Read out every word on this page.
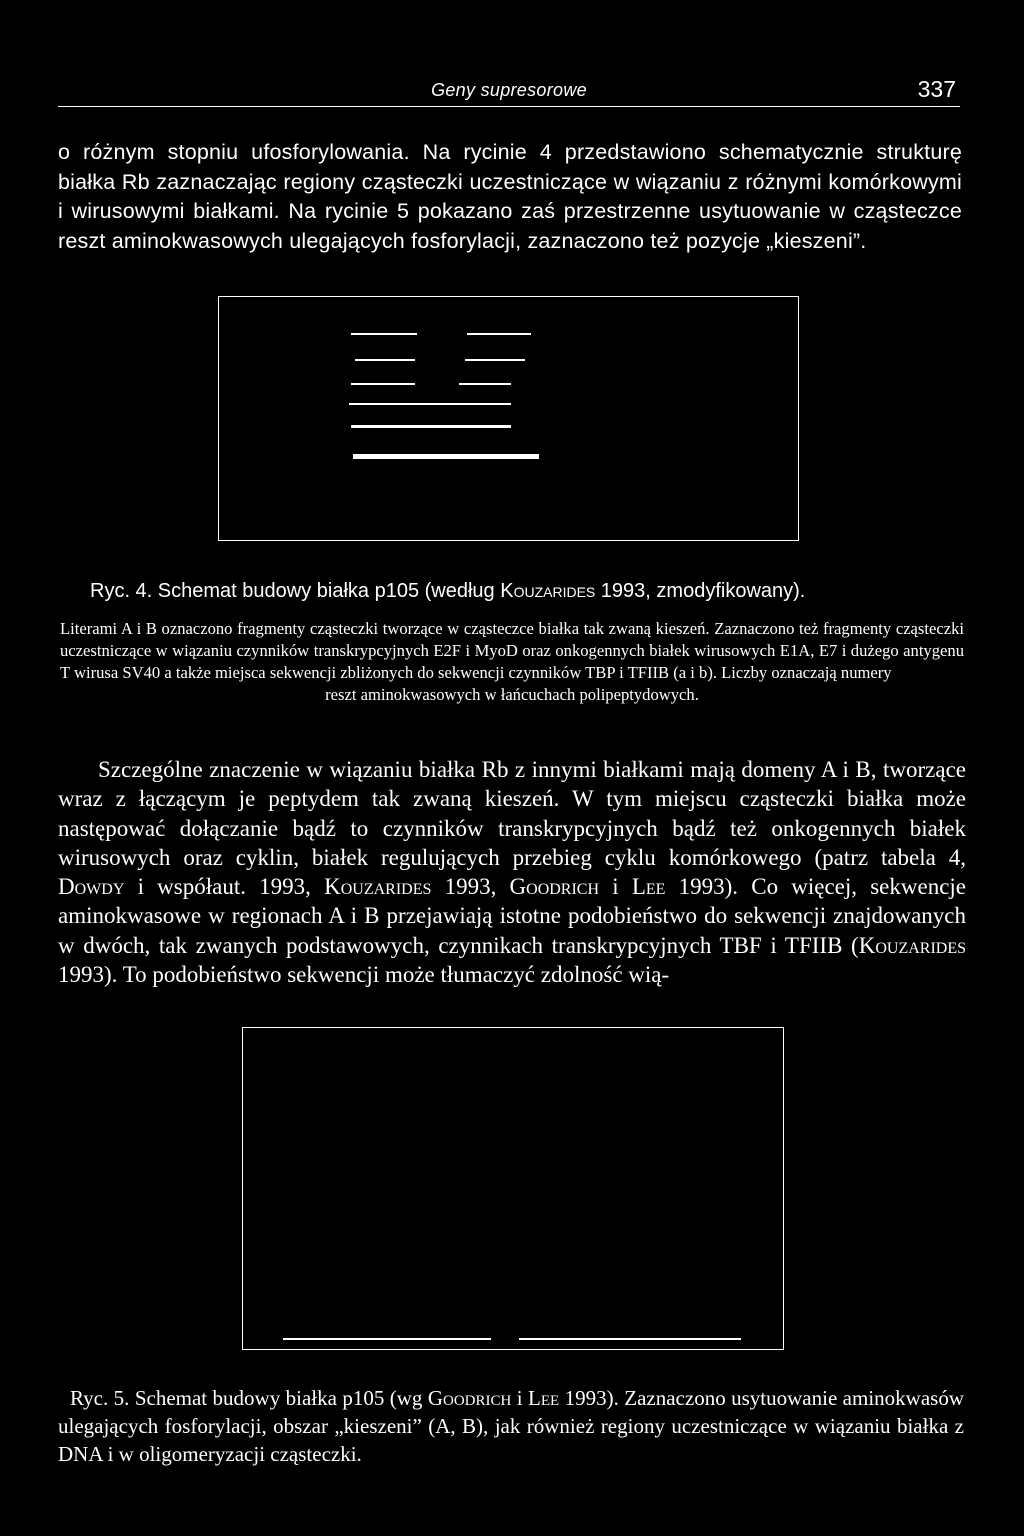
Geny supresorowe	337

o różnym stopniu ufosforylowania. Na rycinie 4 przedstawiono schematycznie strukturę białka Rb zaznaczając regiony cząsteczki uczestniczące w wiązaniu z różnymi komórkowymi i wirusowymi białkami. Na rycinie 5 pokazano zaś przestrzenne usytuowanie w cząsteczce reszt aminokwasowych ulegających fosforylacji, zaznaczono też pozycje „kieszeni”.

Ryc. 4. Schemat budowy białka p105 (według Kouzarides 1993, zmodyfikowany).

Literami A i B oznaczono fragmenty cząsteczki tworzące w cząsteczce białka tak zwaną kieszeń. Zaznaczono też fragmenty cząsteczki uczestniczące w wiązaniu czynników transkrypcyjnych E2F i MyoD oraz onkogennych białek wirusowych E1A, E7 i dużego antygenu T wirusa SV40 a także miejsca sekwencji zbliżonych do sekwencji czynników TBP i TFIIB (a i b). Liczby oznaczają numery
reszt aminokwasowych w łańcuchach polipeptydowych.

Szczególne znaczenie w wiązaniu białka Rb z innymi białkami mają domeny A i B, tworzące wraz z łączącym je peptydem tak zwaną kieszeń. W tym miejscu cząsteczki białka może następować dołączanie bądź to czynników transkrypcyjnych bądź też onkogennych białek wirusowych oraz cyklin, białek regulujących przebieg cyklu komórkowego (patrz tabela 4, Dowdy i współaut. 1993, Kouzarides 1993, Goodrich i Lee 1993). Co więcej, sekwencje aminokwasowe w regionach A i B przejawiają istotne podobieństwo do sekwencji znajdowanych w dwóch, tak zwanych podstawowych, czynnikach transkrypcyjnych TBF i TFIIB (Kouzarides 1993). To podobieństwo sekwencji może tłumaczyć zdolność wią-

Ryc. 5. Schemat budowy białka p105 (wg Goodrich i Lee 1993). Zaznaczono usytuowanie aminokwasów ulegających fosforylacji, obszar „kieszeni” (A, B), jak również regiony uczestniczące w wiązaniu białka z DNA i w oligomeryzacji cząsteczki.
